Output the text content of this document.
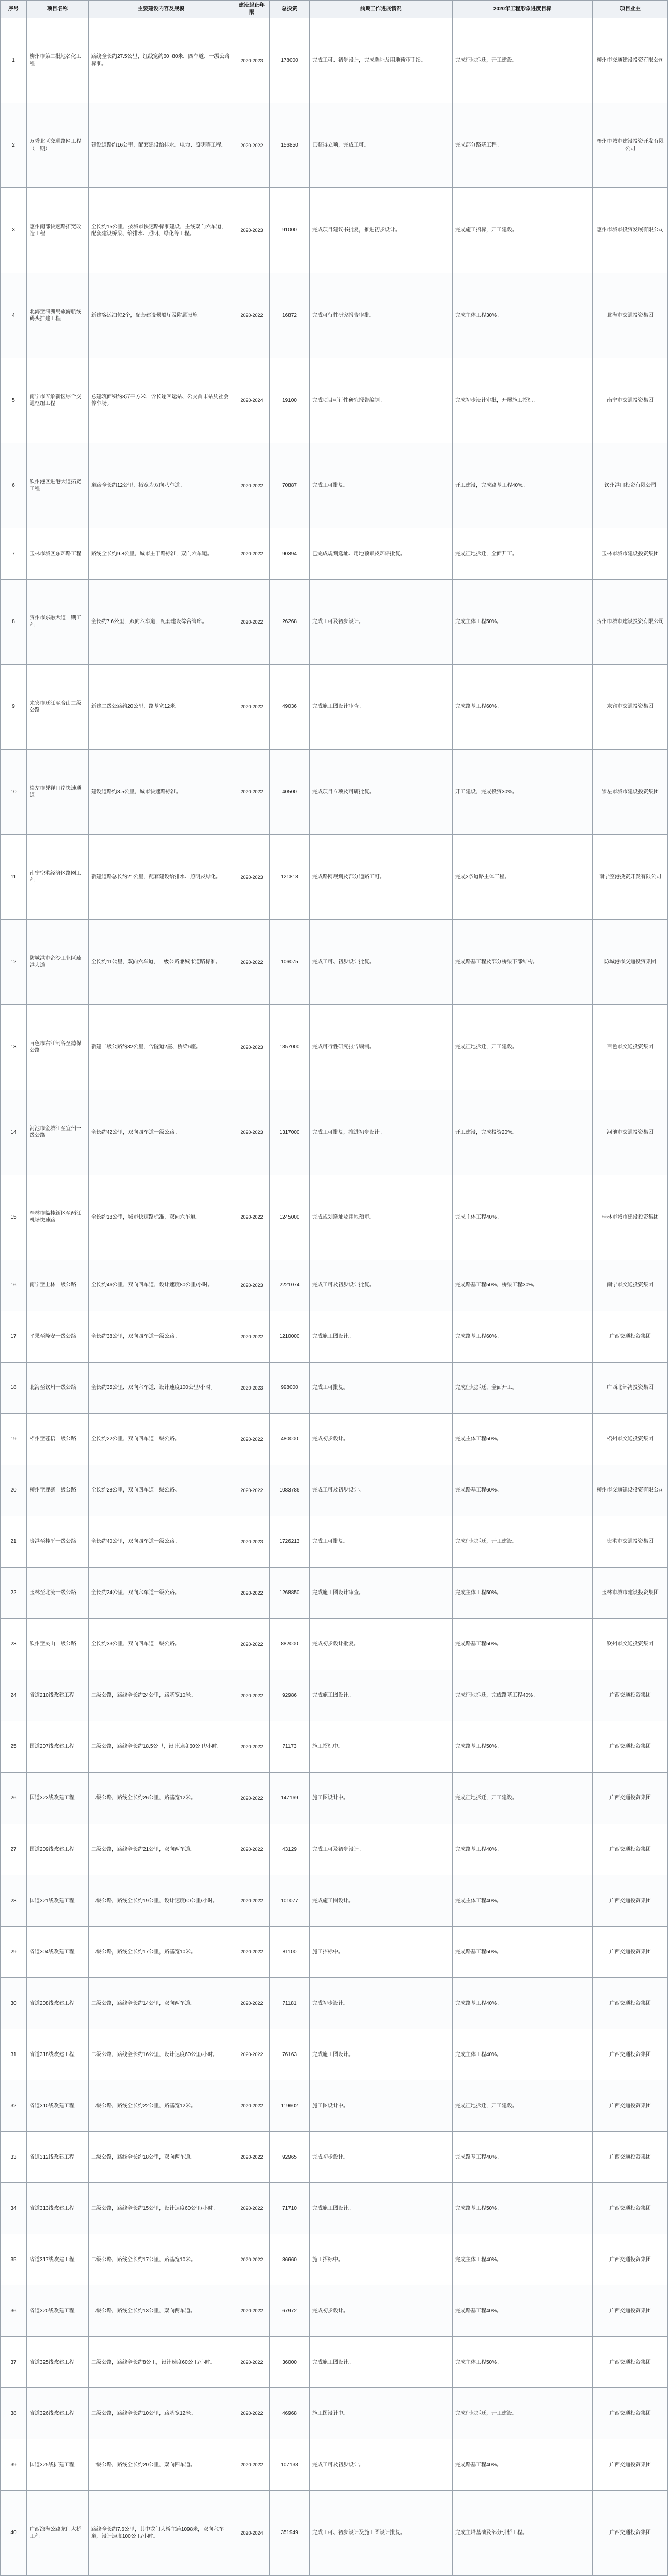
序号	项目名称	主要建设内容及规模	建设起止年限	总投资	前期工作进展情况	2020年工程形象进度目标	项目业主
1	柳州市第二批地名化工程	路线全长约27.5公里，红线宽约60~80米，四车道，一级公路标准。	2020-2023	178000	完成工可、初步设计，完成选址及用地预审手续。	完成征地拆迁，开工建设。	柳州市交通建设投资有限公司
2	万秀北区交通路网工程（一期）	建设道路约16公里，配套建设给排水、电力、照明等工程。	2020-2022	156850	已获得立项，完成工可。	完成部分路基工程。	梧州市城市建设投资开发有限公司
3	惠州南部快速路拓宽改造工程	全长约15公里，按城市快速路标准建设，主线双向六车道，配套建设桥梁、给排水、照明、绿化等工程。	2020-2023	91000	完成项目建议书批复，推进初步设计。	完成施工招标，开工建设。	惠州市城市投资发展有限公司
4	北海至涠洲岛旅游航线码头扩建工程	新建客运泊位2个，配套建设候船厅及附属设施。	2020-2022	16872	完成可行性研究报告审批。	完成主体工程30%。	北海市交通投资集团
5	南宁市五象新区综合交通枢纽工程	总建筑面积约8万平方米，含长途客运站、公交首末站及社会停车场。	2020-2024	19100	完成项目可行性研究报告编制。	完成初步设计审批，开展施工招标。	南宁市交通投资集团
6	钦州港区进港大道拓宽工程	道路全长约12公里，拓宽为双向八车道。	2020-2022	70887	完成工可批复。	开工建设，完成路基工程40%。	钦州港口投资有限公司
7	玉林市城区东环路工程	路线全长约9.8公里，城市主干路标准，双向六车道。	2020-2022	90394	已完成规划选址、用地预审及环评批复。	完成征地拆迁，全面开工。	玉林市城市建设投资集团
8	贺州市东融大道一期工程	全长约7.6公里，双向六车道，配套建设综合管廊。	2020-2022	26268	完成工可及初步设计。	完成主体工程50%。	贺州市城市建设投资有限公司
9	来宾市迁江至合山二级公路	新建二级公路约20公里，路基宽12米。	2020-2022	49036	完成施工图设计审查。	完成路基工程60%。	来宾市交通投资集团
10	崇左市凭祥口岸快速通道	建设道路约8.5公里，城市快速路标准。	2020-2022	40500	完成项目立项及可研批复。	开工建设，完成投资30%。	崇左市城市建设投资集团
11	南宁空港经济区路网工程	新建道路总长约21公里，配套建设给排水、照明及绿化。	2020-2023	121818	完成路网规划及部分道路工可。	完成3条道路主体工程。	南宁空港投资开发有限公司
12	防城港市企沙工业区疏港大道	全长约11公里，双向六车道，一级公路兼城市道路标准。	2020-2022	106075	完成工可、初步设计批复。	完成路基工程及部分桥梁下部结构。	防城港市交通投资集团
13	百色市右江河谷至德保公路	新建二级公路约32公里，含隧道2座、桥梁6座。	2020-2023	1357000	完成可行性研究报告编制。	完成征地拆迁，开工建设。	百色市交通投资集团
14	河池市金城江至宜州一级公路	全长约42公里，双向四车道一级公路。	2020-2023	1317000	完成工可批复，推进初步设计。	开工建设，完成投资20%。	河池市交通投资集团
15	桂林市临桂新区至两江机场快速路	全长约18公里，城市快速路标准，双向六车道。	2020-2022	1245000	完成规划选址及用地预审。	完成主体工程40%。	桂林市城市建设投资集团
16	南宁至上林一级公路	全长约46公里，双向四车道，设计速度80公里/小时。	2020-2023	2221074	完成工可及初步设计批复。	完成路基工程50%，桥梁工程30%。	南宁市交通投资集团
17	平果至隆安一级公路	全长约38公里，双向四车道一级公路。	2020-2022	1210000	完成施工图设计。	完成路基工程60%。	广西交通投资集团
18	北海至钦州一级公路	全长约35公里，双向六车道，设计速度100公里/小时。	2020-2023	998000	完成工可批复。	完成征地拆迁，全面开工。	广西北部湾投资集团
19	梧州至苍梧一级公路	全长约22公里，双向四车道一级公路。	2020-2022	480000	完成初步设计。	完成主体工程50%。	梧州市交通投资集团
20	柳州至鹿寨一级公路	全长约28公里，双向四车道一级公路。	2020-2022	1083786	完成工可及初步设计。	完成路基工程60%。	柳州市交通建设投资有限公司
21	贵港至桂平一级公路	全长约40公里，双向四车道一级公路。	2020-2023	1726213	完成工可批复。	完成征地拆迁，开工建设。	贵港市交通投资集团
22	玉林至北流一级公路	全长约24公里，双向六车道一级公路。	2020-2022	1268850	完成施工图设计审查。	完成主体工程50%。	玉林市城市建设投资集团
23	钦州至灵山一级公路	全长约33公里，双向四车道一级公路。	2020-2022	882000	完成初步设计批复。	完成路基工程50%。	钦州市交通投资集团
24	省道210线改建工程	二级公路，路线全长约24公里，路基宽10米。	2020-2022	92986	完成施工图设计。	完成征地拆迁，完成路基工程40%。	广西交通投资集团
25	国道207线改建工程	二级公路，路线全长约18.5公里，设计速度60公里/小时。	2020-2022	71173	施工招标中。	完成路基工程50%。	广西交通投资集团
26	国道323线改建工程	二级公路，路线全长约26公里，路基宽12米。	2020-2022	147169	施工图设计中。	完成征地拆迁，开工建设。	广西交通投资集团
27	国道209线改建工程	二级公路，路线全长约21公里，双向两车道。	2020-2022	43129	完成工可及初步设计。	完成路基工程40%。	广西交通投资集团
28	国道321线改建工程	二级公路，路线全长约19公里，设计速度60公里/小时。	2020-2022	101077	完成施工图设计。	完成主体工程40%。	广西交通投资集团
29	省道304线改建工程	二级公路，路线全长约17公里，路基宽10米。	2020-2022	81100	施工招标中。	完成路基工程50%。	广西交通投资集团
30	省道208线改建工程	二级公路，路线全长约14公里，双向两车道。	2020-2022	71181	完成初步设计。	完成路基工程40%。	广西交通投资集团
31	省道318线改建工程	二级公路，路线全长约16公里，设计速度60公里/小时。	2020-2022	76163	完成施工图设计。	完成主体工程40%。	广西交通投资集团
32	省道310线改建工程	二级公路，路线全长约22公里，路基宽12米。	2020-2022	119602	施工图设计中。	完成征地拆迁，开工建设。	广西交通投资集团
33	省道312线改建工程	二级公路，路线全长约18公里，双向两车道。	2020-2022	92965	完成初步设计。	完成路基工程40%。	广西交通投资集团
34	省道313线改建工程	二级公路，路线全长约15公里，设计速度60公里/小时。	2020-2022	71710	完成施工图设计。	完成路基工程50%。	广西交通投资集团
35	省道317线改建工程	二级公路，路线全长约17公里，路基宽10米。	2020-2022	86660	施工招标中。	完成主体工程40%。	广西交通投资集团
36	省道320线改建工程	二级公路，路线全长约13公里，双向两车道。	2020-2022	67972	完成初步设计。	完成路基工程40%。	广西交通投资集团
37	省道325线改建工程	二级公路，路线全长约8公里，设计速度60公里/小时。	2020-2022	36000	完成施工图设计。	完成主体工程50%。	广西交通投资集团
38	省道326线改建工程	二级公路，路线全长约10公里，路基宽12米。	2020-2022	46968	施工图设计中。	完成征地拆迁，开工建设。	广西交通投资集团
39	国道325线扩建工程	一级公路，路线全长约20公里，双向四车道。	2020-2022	107133	完成工可及初步设计。	完成路基工程40%。	广西交通投资集团
40	广西滨海公路龙门大桥工程	路线全长约7.6公里，其中龙门大桥主跨1098米，双向六车道，设计速度100公里/小时。	2020-2024	351949	完成工可、初步设计及施工图设计批复。	完成主塔基础及部分引桥工程。	广西交通投资集团
